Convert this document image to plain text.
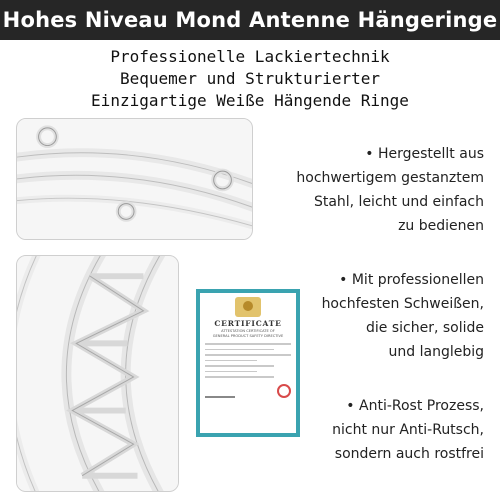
Hohes Niveau Mond Antenne Hängeringe
Professionelle Lackiertechnik
Bequemer und Strukturierter
Einzigartige Weiße Hängende Ringe
CERTIFICATE
ATTESTATION CERTIFICATE OF
GENERAL PRODUCT SAFETY DIRECTIVE
• Hergestellt aus
hochwertigem gestanztem
Stahl, leicht und einfach
zu bedienen
• Mit professionellen
hochfesten Schweißen,
die sicher, solide
und langlebig
• Anti-Rost Prozess,
nicht nur Anti-Rutsch,
sondern auch rostfrei
